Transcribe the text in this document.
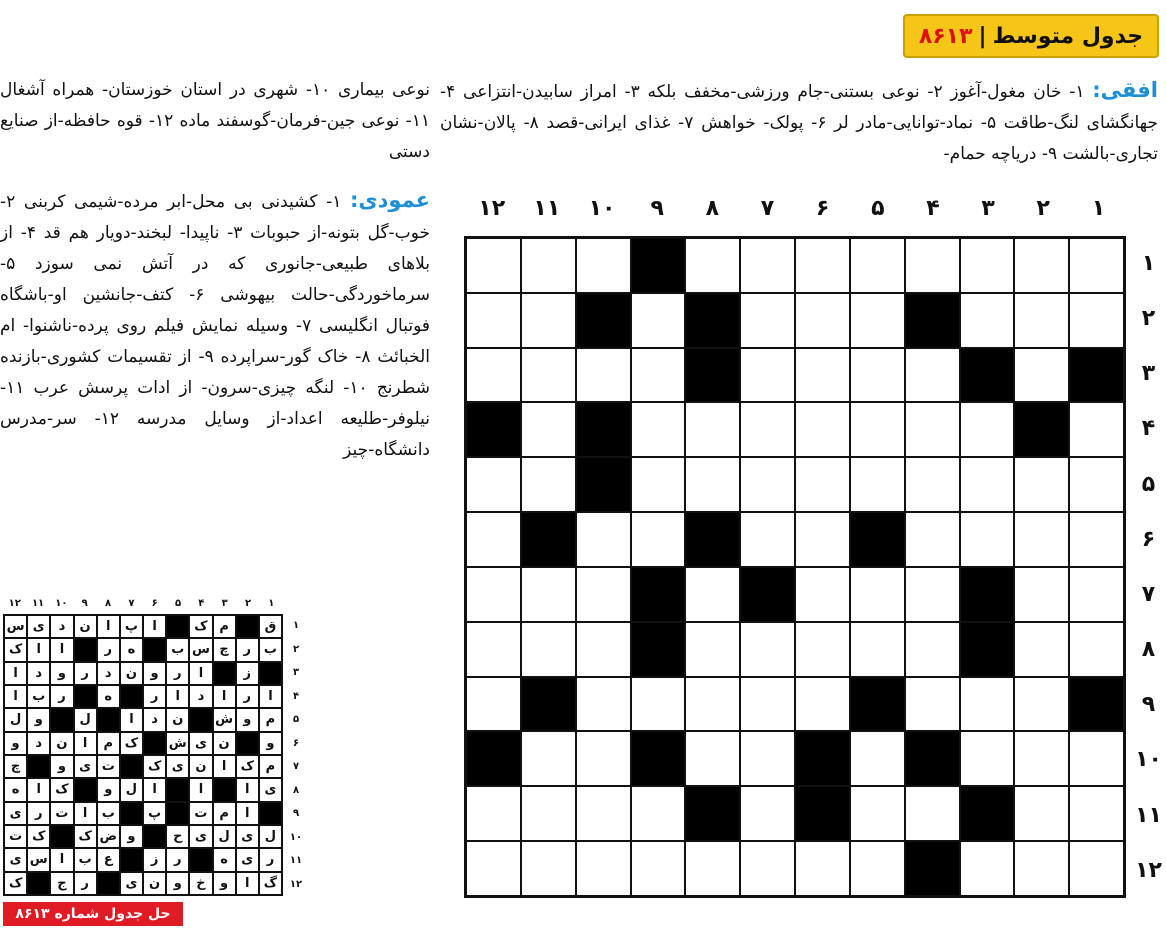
جدول متوسط
|
۸۶۱۳
افقی: ۱- خان مغول-آغوز ۲- نوعی بستنی-جام ورزشی-مخفف بلکه ۳- امراز سابیدن-انتزاعی ۴- جهانگشای لنگ-طاقت ۵- نماد-توانایی-مادر لر ۶- پولک- خواهش ۷- غذای ایرانی-قصد ۸- پالان-نشان تجاری-بالشت ۹- دریاچه حمام-
نوعی بیماری ۱۰- شهری در استان خوزستان- همراه آشغال ۱۱- نوعی جین-فرمان-گوسفند ماده ۱۲- قوه حافظه-از صنایع دستی
عمودی: ۱- کشیدنی بی محل-ابر مرده-شیمی کربنی ۲- خوب-گل بتونه-از حبوبات ۳- ناپیدا- لبخند-دویار هم قد ۴- از بلاهای طبیعی-جانوری که در آتش نمی سوزد ۵- سرماخوردگی-حالت بیهوشی ۶- کتف-جانشین او-باشگاه فوتبال انگلیسی ۷- وسیله نمایش فیلم روی پرده-ناشنوا- ام الخبائث ۸- خاک گور-سراپرده ۹- از تقسیمات کشوری-بازنده شطرنج ۱۰- لنگه چیزی-سرون- از ادات پرسش عرب ۱۱- نیلوفر-طلیعه اعداد-از وسایل مدرسه ۱۲- سر-مدرس دانشگاه-چیز
۱
۲
۳
۴
۵
۶
۷
۸
۹
۱۰
۱۱
۱۲
۱
۲
۳
۴
۵
۶
۷
۸
۹
۱۰
۱۱
۱۲
۱
۲
۳
۴
۵
۶
۷
۸
۹
۱۰
۱۱
۱۲
۱
۲
۳
۴
۵
۶
۷
۸
۹
۱۰
۱۱
۱۲
ق
م
ک
ا
پ
ا
ن
د
ی
س
ب
ر
چ
س
ب
ه
ر
ا
ا
ک
ز
ا
ر
و
ن
د
ر
و
د
ا
ا
ر
ا
د
ا
ر
ه
ر
ب
ا
م
و
ش
ن
د
ا
ل
و
ل
و
ن
ی
ش
ک
م
ا
ن
د
و
م
ک
ا
ن
ی
ک
ت
ی
و
چ
ی
ا
ا
ا
ل
و
ک
ا
ه
ا
م
ت
پ
ب
ا
ت
ر
ی
ل
ی
ل
ی
ح
و
ض
ک
ک
ت
ر
ی
ه
ر
ز
ع
ب
ا
س
ی
گ
ا
و
خ
و
ن
ی
ر
ج
ک
حل جدول شماره ۸۶۱۳
